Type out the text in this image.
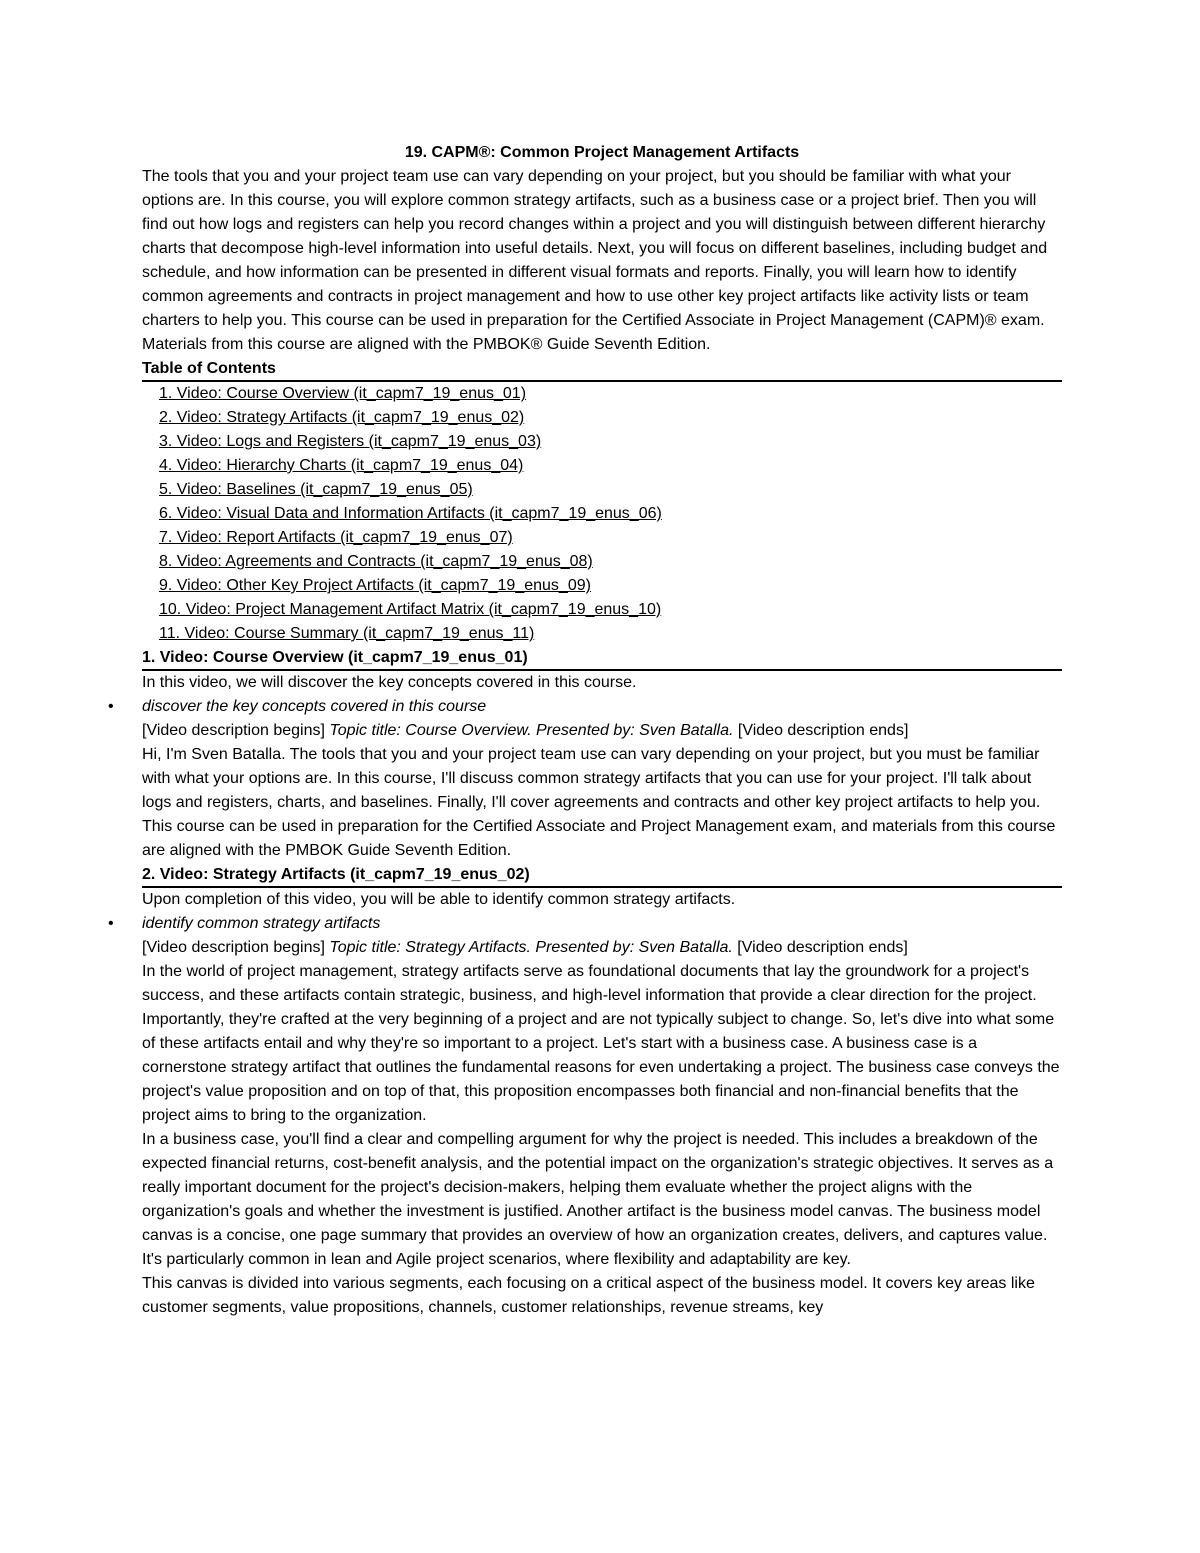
19. CAPM®: Common Project Management Artifacts

The tools that you and your project team use can vary depending on your project, but you should be familiar with what your options are. In this course, you will explore common strategy artifacts, such as a business case or a project brief. Then you will find out how logs and registers can help you record changes within a project and you will distinguish between different hierarchy charts that decompose high-level information into useful details. Next, you will focus on different baselines, including budget and schedule, and how information can be presented in different visual formats and reports. Finally, you will learn how to identify common agreements and contracts in project management and how to use other key project artifacts like activity lists or team charters to help you. This course can be used in preparation for the Certified Associate in Project Management (CAPM)® exam. Materials from this course are aligned with the PMBOK® Guide Seventh Edition.

Table of Contents

1. Video: Course Overview (it_capm7_19_enus_01)
2. Video: Strategy Artifacts (it_capm7_19_enus_02)
3. Video: Logs and Registers (it_capm7_19_enus_03)
4. Video: Hierarchy Charts (it_capm7_19_enus_04)
5. Video: Baselines (it_capm7_19_enus_05)
6. Video: Visual Data and Information Artifacts (it_capm7_19_enus_06)
7. Video: Report Artifacts (it_capm7_19_enus_07)
8. Video: Agreements and Contracts (it_capm7_19_enus_08)
9. Video: Other Key Project Artifacts (it_capm7_19_enus_09)
10. Video: Project Management Artifact Matrix (it_capm7_19_enus_10)
11. Video: Course Summary (it_capm7_19_enus_11)

1. Video: Course Overview (it_capm7_19_enus_01)

In this video, we will discover the key concepts covered in this course.

• discover the key concepts covered in this course

[Video description begins] Topic title: Course Overview. Presented by: Sven Batalla. [Video description ends]

Hi, I'm Sven Batalla. The tools that you and your project team use can vary depending on your project, but you must be familiar with what your options are. In this course, I'll discuss common strategy artifacts that you can use for your project. I'll talk about logs and registers, charts, and baselines. Finally, I'll cover agreements and contracts and other key project artifacts to help you. This course can be used in preparation for the Certified Associate and Project Management exam, and materials from this course are aligned with the PMBOK Guide Seventh Edition.

2. Video: Strategy Artifacts (it_capm7_19_enus_02)

Upon completion of this video, you will be able to identify common strategy artifacts.

• identify common strategy artifacts

[Video description begins] Topic title: Strategy Artifacts. Presented by: Sven Batalla. [Video description ends]

In the world of project management, strategy artifacts serve as foundational documents that lay the groundwork for a project's success, and these artifacts contain strategic, business, and high-level information that provide a clear direction for the project. Importantly, they're crafted at the very beginning of a project and are not typically subject to change. So, let's dive into what some of these artifacts entail and why they're so important to a project. Let's start with a business case. A business case is a cornerstone strategy artifact that outlines the fundamental reasons for even undertaking a project. The business case conveys the project's value proposition and on top of that, this proposition encompasses both financial and non-financial benefits that the project aims to bring to the organization.

In a business case, you'll find a clear and compelling argument for why the project is needed. This includes a breakdown of the expected financial returns, cost-benefit analysis, and the potential impact on the organization's strategic objectives. It serves as a really important document for the project's decision-makers, helping them evaluate whether the project aligns with the organization's goals and whether the investment is justified. Another artifact is the business model canvas. The business model canvas is a concise, one page summary that provides an overview of how an organization creates, delivers, and captures value. It's particularly common in lean and Agile project scenarios, where flexibility and adaptability are key.

This canvas is divided into various segments, each focusing on a critical aspect of the business model. It covers key areas like customer segments, value propositions, channels, customer relationships, revenue streams, key
